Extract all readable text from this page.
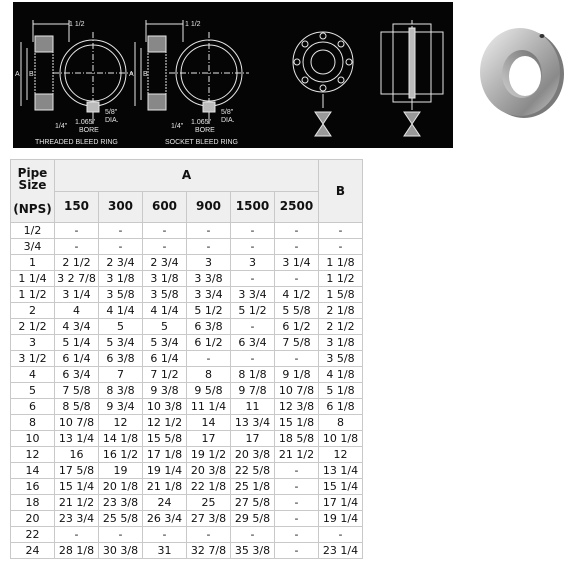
1 1/2	1 1/2
A B	A B
1/4"
1.065"
BORE
5/8"
DIA.
1/4"
1.065"
BORE
5/8"
DIA.
THREADED BLEED RING	SOCKET BLEED RING
Pipe
Size

(NPS)	A						B
	150	300	600	900	1500	2500	
1/2	-	-	-	-	-	-	-
3/4	-	-	-	-	-	-	-
1	2 1/2	2 3/4	2 3/4	3	3	3 1/4	1 1/8
1 1/4	3 2 7/8	3 1/8	3 1/8	3 3/8	-	-	1 1/2
1 1/2	3 1/4	3 5/8	3 5/8	3 3/4	3 3/4	4 1/2	1 5/8
2	4	4 1/4	4 1/4	5 1/2	5 1/2	5 5/8	2 1/8
2 1/2	4 3/4	5	5	6 3/8	-	6 1/2	2 1/2
3	5 1/4	5 3/4	5 3/4	6 1/2	6 3/4	7 5/8	3 1/8
3 1/2	6 1/4	6 3/8	6 1/4	-	-	-	3 5/8
4	6 3/4	7	7 1/2	8	8 1/8	9 1/8	4 1/8
5	7 5/8	8 3/8	9 3/8	9 5/8	9 7/8	10 7/8	5 1/8
6	8 5/8	9 3/4	10 3/8	11 1/4	11	12 3/8	6 1/8
8	10 7/8	12	12 1/2	14	13 3/4	15 1/8	8
10	13 1/4	14 1/8	15 5/8	17	17	18 5/8	10 1/8
12	16	16 1/2	17 1/8	19 1/2	20 3/8	21 1/2	12
14	17 5/8	19	19 1/4	20 3/8	22 5/8	-	13 1/4
16	15 1/4	20 1/8	21 1/8	22 1/8	25 1/8	-	15 1/4
18	21 1/2	23 3/8	24	25	27 5/8	-	17 1/4
20	23 3/4	25 5/8	26 3/4	27 3/8	29 5/8	-	19 1/4
22	-	-	-	-	-	-	-
24	28 1/8	30 3/8	31	32 7/8	35 3/8	-	23 1/4
